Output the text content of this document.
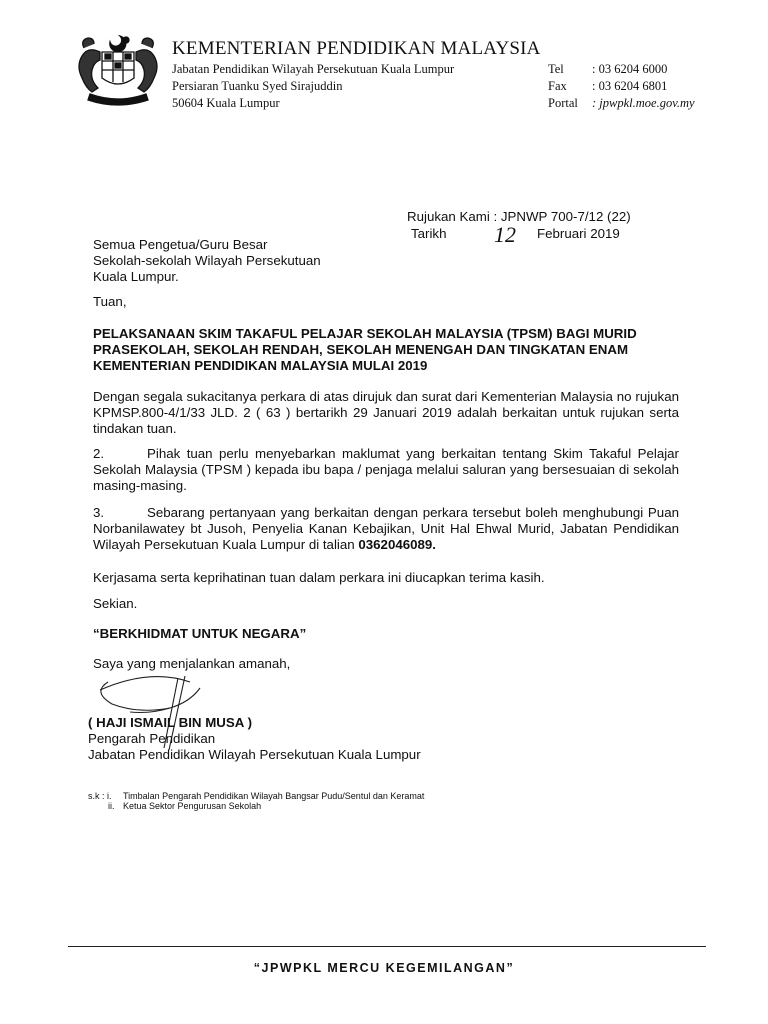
KEMENTERIAN PENDIDIKAN MALAYSIA
Jabatan Pendidikan Wilayah Persekutuan Kuala Lumpur
Persiaran Tuanku Syed Sirajuddin
50604 Kuala Lumpur
Tel : 03 6204 6000
Fax : 03 6204 6801
Portal : jpwpkl.moe.gov.my
Rujukan Kami : JPNWP 700-7/12 (22)
Tarikh 12 Februari 2019
Semua Pengetua/Guru Besar
Sekolah-sekolah Wilayah Persekutuan
Kuala Lumpur.
Tuan,
PELAKSANAAN SKIM TAKAFUL PELAJAR SEKOLAH MALAYSIA (TPSM) BAGI MURID
PRASEKOLAH, SEKOLAH RENDAH, SEKOLAH MENENGAH DAN TINGKATAN ENAM
KEMENTERIAN PENDIDIKAN MALAYSIA MULAI 2019
Dengan segala sukacitanya perkara di atas dirujuk dan surat dari Kementerian Malaysia no rujukan KPMSP.800-4/1/33 JLD. 2 ( 63 ) bertarikh 29 Januari 2019 adalah berkaitan untuk rujukan serta tindakan tuan.
2.	Pihak tuan perlu menyebarkan maklumat yang berkaitan tentang Skim Takaful Pelajar Sekolah Malaysia (TPSM ) kepada ibu bapa / penjaga melalui saluran yang bersesuaian di sekolah masing-masing.
3.	Sebarang pertanyaan yang berkaitan dengan perkara tersebut boleh menghubungi Puan Norbanilawatey bt Jusoh, Penyelia Kanan Kebajikan, Unit Hal Ehwal Murid, Jabatan Pendidikan Wilayah Persekutuan Kuala Lumpur di talian 0362046089.
Kerjasama serta keprihatinan tuan dalam perkara ini diucapkan terima kasih.
Sekian.
“BERKHIDMAT UNTUK NEGARA”
Saya yang menjalankan amanah,
( HAJI ISMAIL BIN MUSA )
Pengarah Pendidikan
Jabatan Pendidikan Wilayah Persekutuan Kuala Lumpur
s.k : i. Timbalan Pengarah Pendidikan Wilayah Bangsar Pudu/Sentul dan Keramat
ii. Ketua Sektor Pengurusan Sekolah
“JPWPKL MERCU KEGEMILANGAN”
